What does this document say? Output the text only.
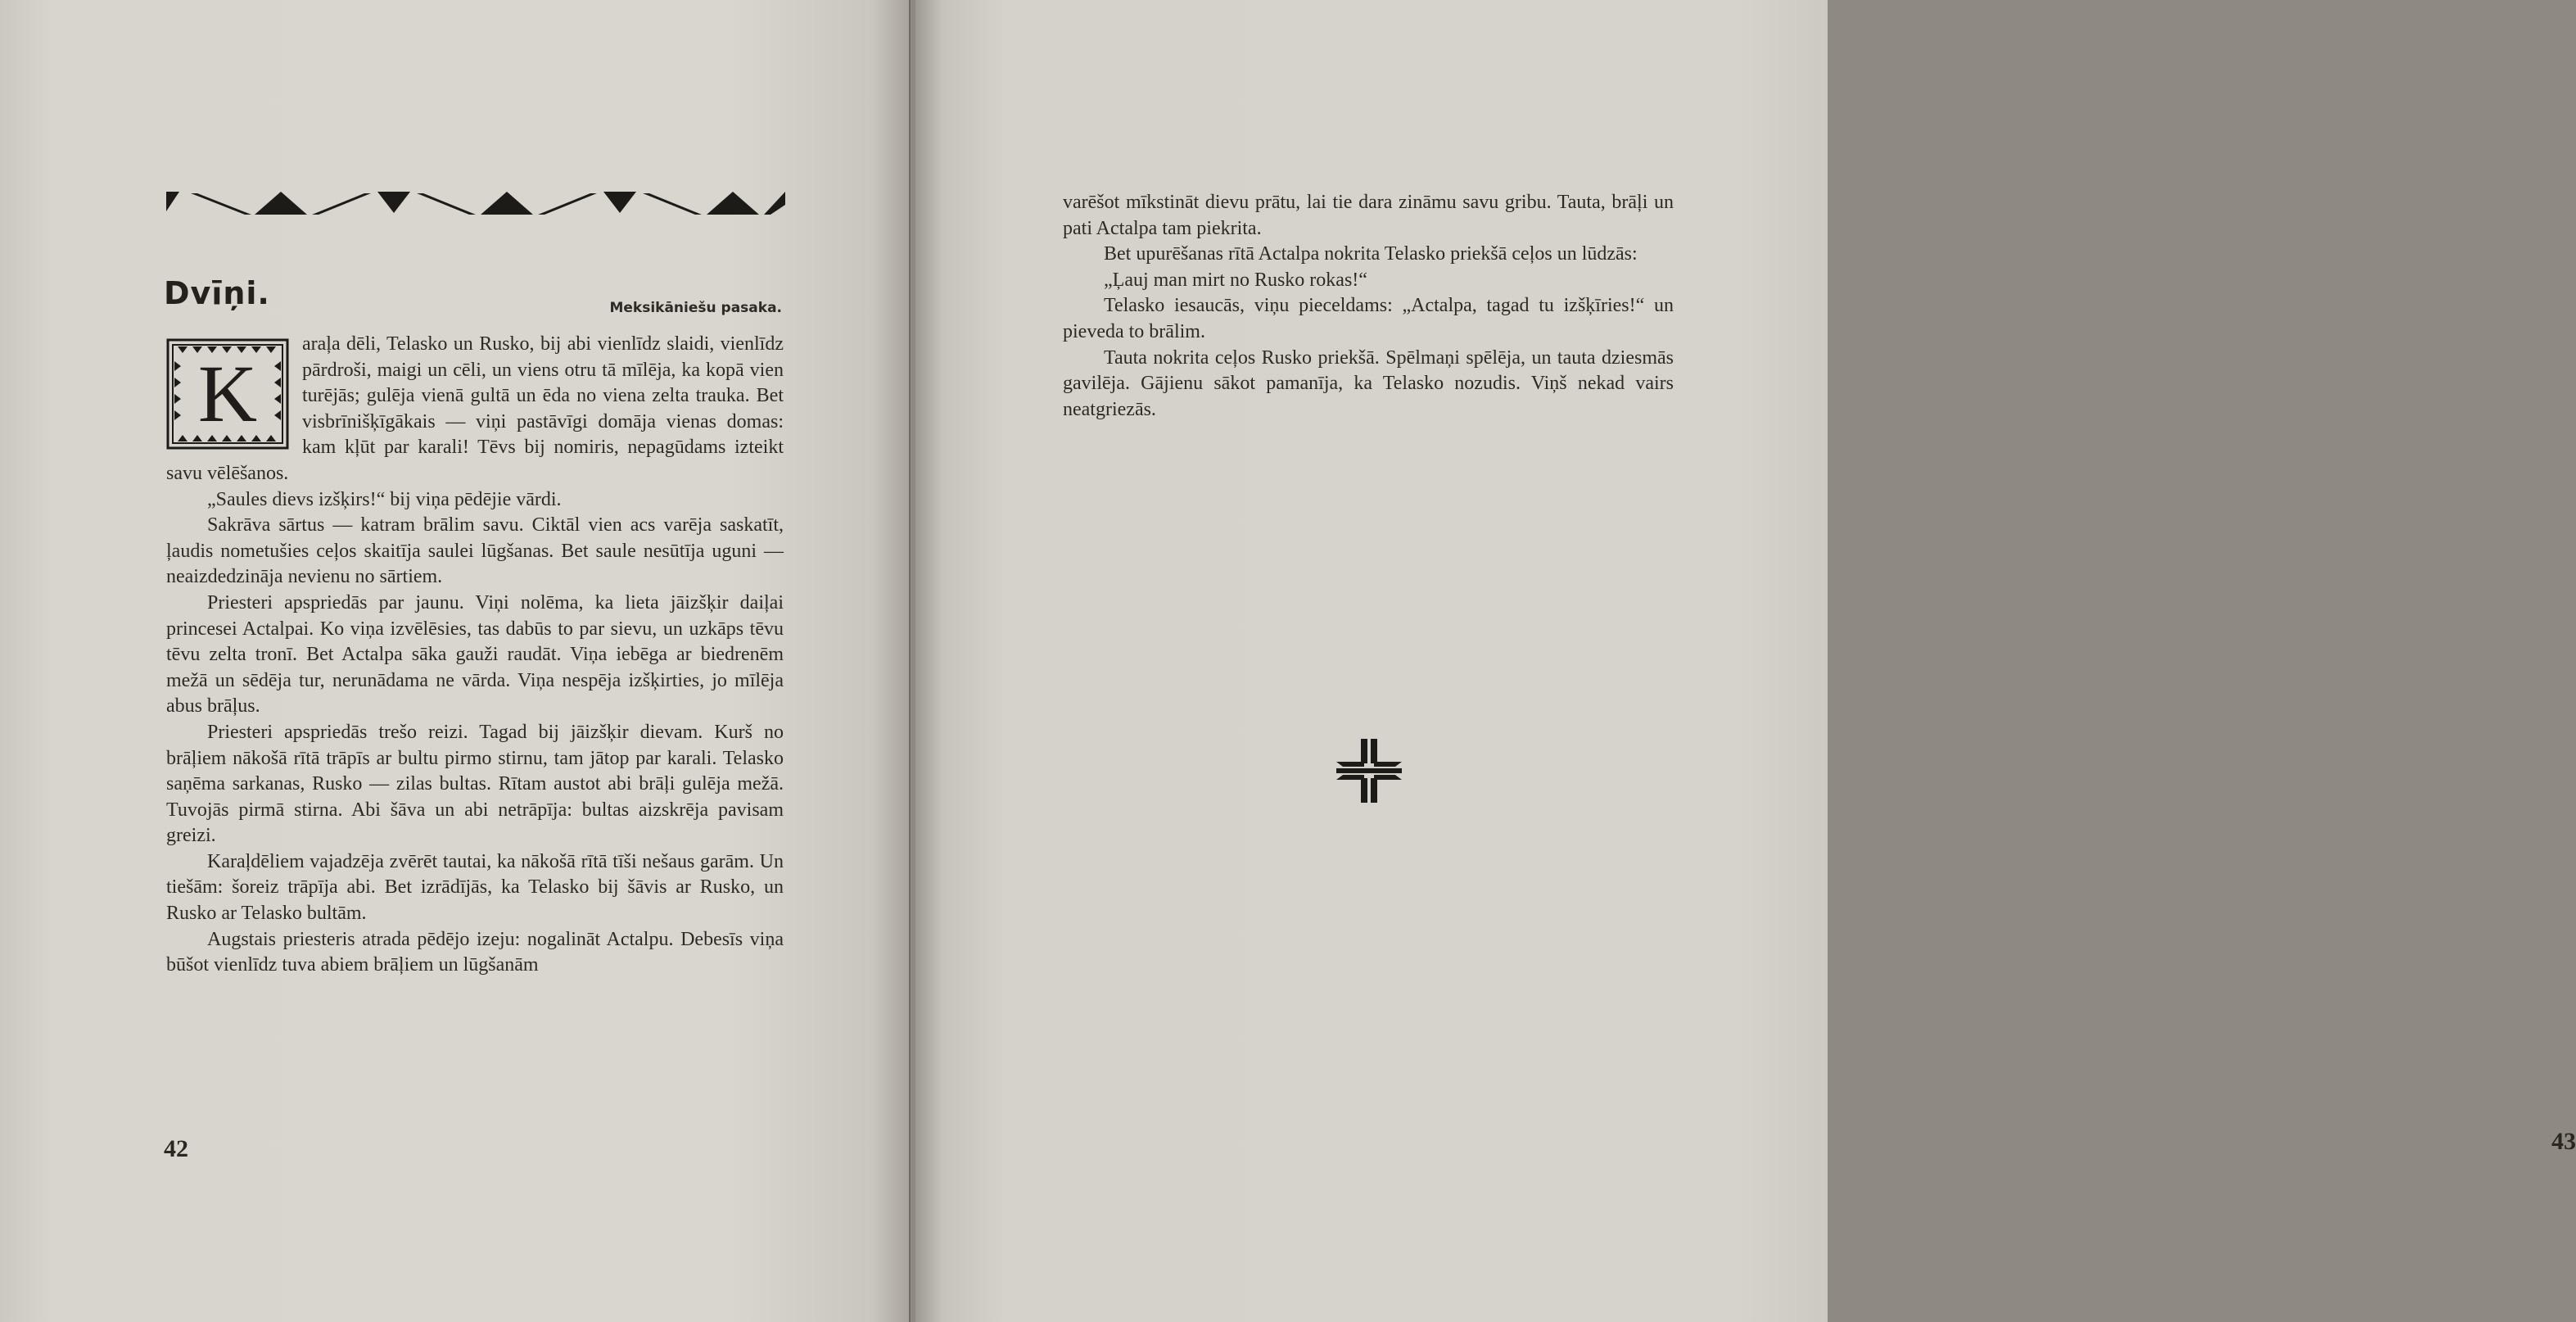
Dvīņi.	Meksikāniešu pasaka.
K

araļa dēli, Telasko un Rusko, bij abi vienlīdz slaidi, vienlīdz pārdroši, maigi un cēli, un viens otru tā mīlēja, ka kopā vien turējās; gulēja vienā gultā un ēda no viena zelta trauka. Bet visbrīnišķīgākais — viņi pastāvīgi domāja vienas domas: kam kļūt par karali! Tēvs bij nomiris, nepagūdams izteikt savu vēlēšanos.

„Saules dievs izšķirs!“ bij viņa pēdējie vārdi.

Sakrāva sārtus — katram brālim savu. Ciktāl vien acs varēja saskatīt, ļaudis nometušies ceļos skaitīja saulei lūgšanas. Bet saule nesūtīja uguni — neaizdedzināja nevienu no sārtiem.

Priesteri apspriedās par jaunu. Viņi nolēma, ka lieta jāizšķir daiļai princesei Actalpai. Ko viņa izvēlēsies, tas dabūs to par sievu, un uzkāps tēvu tēvu zelta tronī. Bet Actalpa sāka gauži raudāt. Viņa iebēga ar biedrenēm mežā un sēdēja tur, nerunādama ne vārda. Viņa nespēja izšķirties, jo mīlēja abus brāļus.

Priesteri apspriedās trešo reizi. Tagad bij jāizšķir dievam. Kurš no brāļiem nākošā rītā trāpīs ar bultu pirmo stirnu, tam jātop par karali. Telasko saņēma sarkanas, Rusko — zilas bultas. Rītam austot abi brāļi gulēja mežā. Tuvojās pirmā stirna. Abi šāva un abi netrāpīja: bultas aizskrēja pavisam greizi.

Karaļdēliem vajadzēja zvērēt tautai, ka nākošā rītā tīši nešaus garām. Un tiešām: šoreiz trāpīja abi. Bet izrādījās, ka Telasko bij šāvis ar Rusko, un Rusko ar Telasko bultām.

Augstais priesteris atrada pēdējo izeju: nogalināt Actalpu. Debesīs viņa būšot vienlīdz tuva abiem brāļiem un lūgšanām

42

varēšot mīkstināt dievu prātu, lai tie dara zināmu savu gribu. Tauta, brāļi un pati Actalpa tam piekrita.

Bet upurēšanas rītā Actalpa nokrita Telasko priekšā ceļos un lūdzās:

„Ļauj man mirt no Rusko rokas!“

Telasko iesaucās, viņu pieceldams: „Actalpa, tagad tu izšķīries!“ un pieveda to brālim.

Tauta nokrita ceļos Rusko priekšā. Spēlmaņi spēlēja, un tauta dziesmās gavilēja. Gājienu sākot pamanīja, ka Telasko nozudis. Viņš nekad vairs neatgriezās.

43
